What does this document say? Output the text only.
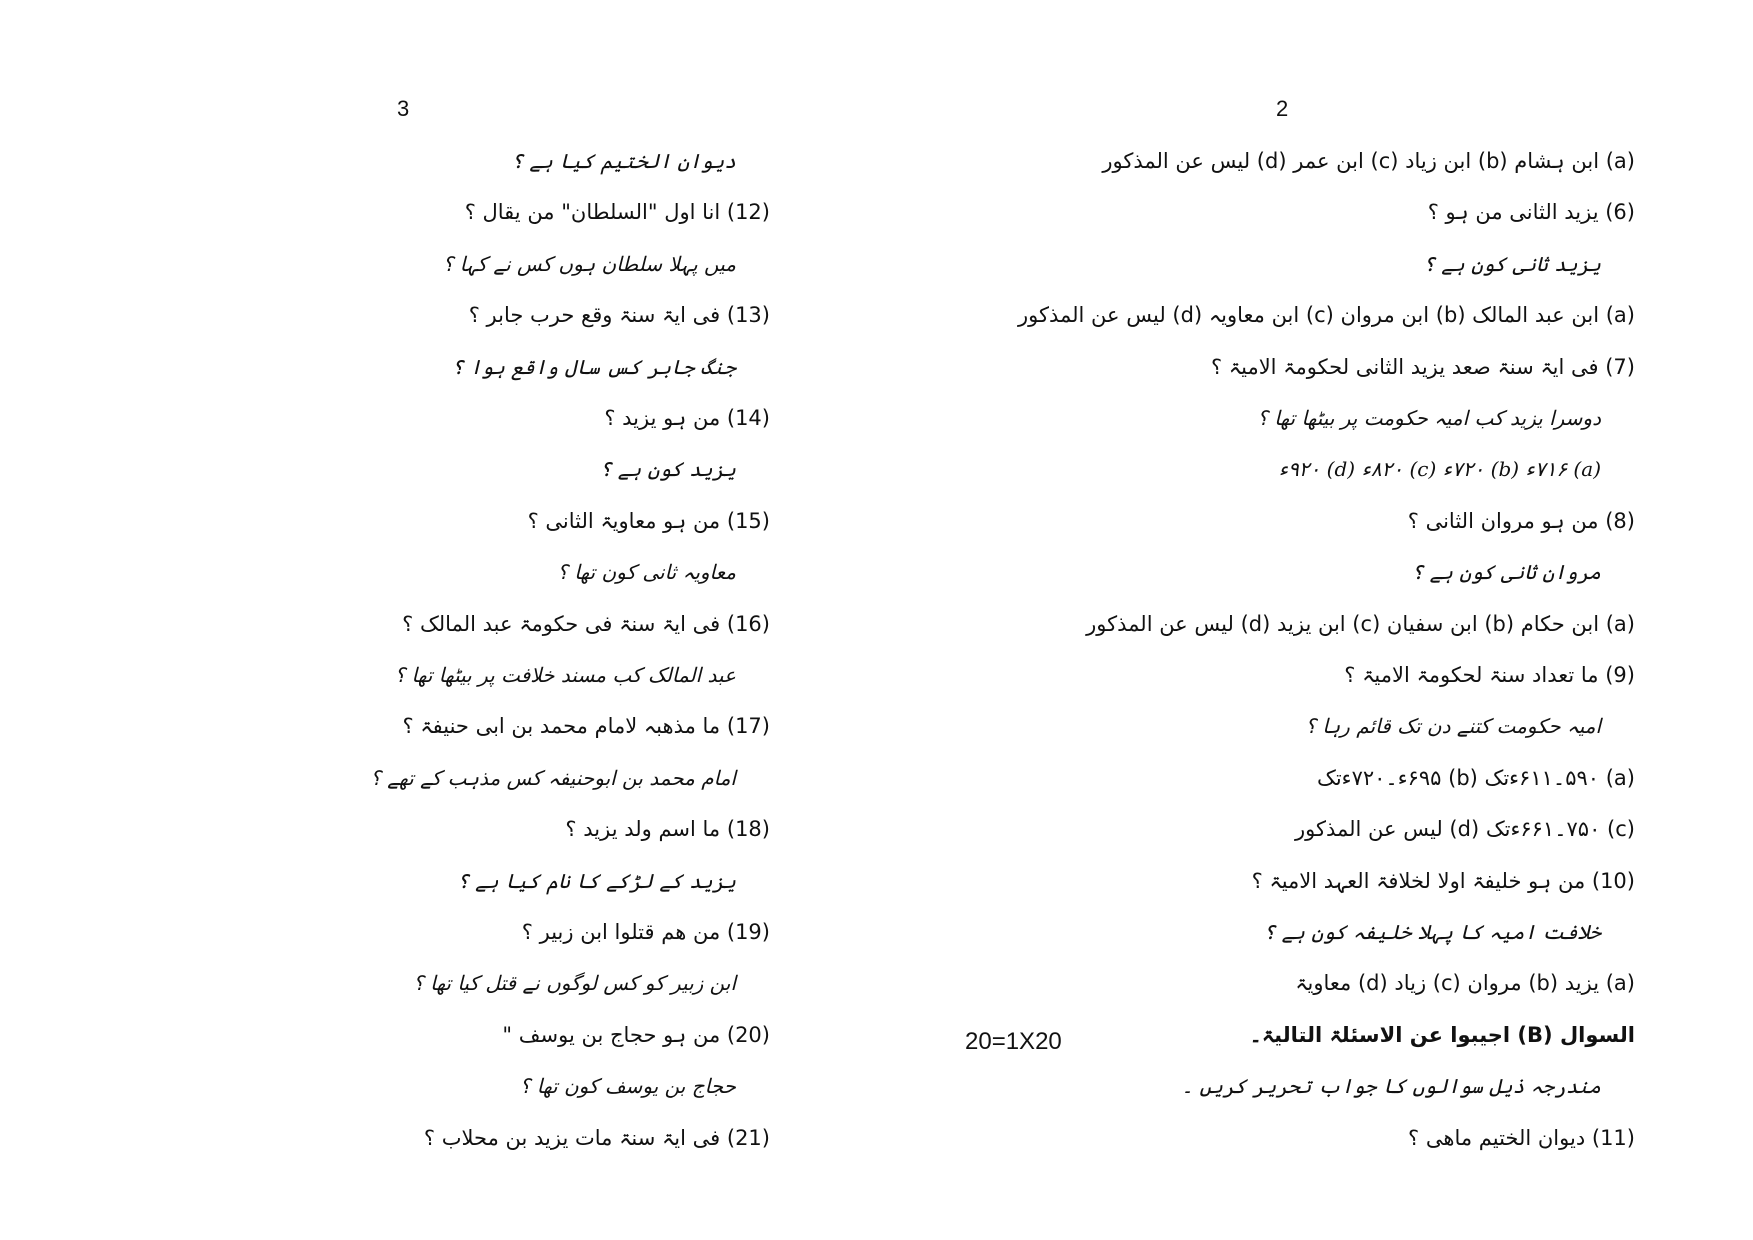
3	2
دیوان الختیم کیا ہے ؟
(12) انا اول "السلطان" من یقال ؟
میں پہلا سلطان ہوں کس نے کہا ؟
(13) فی ایۃ سنۃ وقع حرب جابر ؟
جنگ جابر کس سال واقع ہوا ؟
(14) من ہو یزید ؟
یزید کون ہے ؟
(15) من ہو معاویۃ الثانی ؟
معاویہ ثانی کون تھا ؟
(16) فی ایۃ سنۃ فی حکومۃ عبد المالک ؟
عبد المالک کب مسند خلافت پر بیٹھا تھا ؟
(17) ما مذھبہ لامام محمد بن ابی حنیفۃ ؟
امام محمد بن ابوحنیفہ کس مذہب کے تھے ؟
(18) ما اسم ولد یزید ؟
یزید کے لڑکے کا نام کیا ہے ؟
(19) من ھم قتلوا ابن زبیر ؟
ابن زبیر کو کس لوگوں نے قتل کیا تھا ؟
(20) من ہو حجاج بن یوسف "
حجاج بن یوسف کون تھا ؟
(21) فی ایۃ سنۃ مات یزید بن محلاب ؟
(a) ابن ہشام (b) ابن زیاد (c) ابن عمر (d) لیس عن المذکور
(6) یزید الثانی من ہو ؟
یزید ثانی کون ہے ؟
(a) ابن عبد المالک (b) ابن مروان (c) ابن معاویہ (d) لیس عن المذکور
(7) فی ایۃ سنۃ صعد یزید الثانی لحکومۃ الامیۃ ؟
دوسرا یزید کب امیہ حکومت پر بیٹھا تھا ؟
(a) ۷۱۶ء (b) ۷۲۰ء (c) ۸۲۰ء (d) ۹۲۰ء
(8) من ہو مروان الثانی ؟
مروان ثانی کون ہے ؟
(a) ابن حکام (b) ابن سفیان (c) ابن یزید (d) لیس عن المذکور
(9) ما تعداد سنۃ لحکومۃ الامیۃ ؟
امیہ حکومت کتنے دن تک قائم رہا ؟
(a) ۵۹۰۔۶۱۱ءتک (b) ۶۹۵ء۔۷۲۰ءتک
(c) ۷۵۰۔۶۶۱ءتک (d) لیس عن المذکور
(10) من ہو خلیفۃ اولا لخلافۃ العہد الامیۃ ؟
خلافت امیہ کا پہلا خلیفہ کون ہے ؟
(a) یزید (b) مروان (c) زیاد (d) معاویۃ
السوال (B) اجیبوا عن الاسئلۃ التالیۃ۔
مندرجہ ذیل سوالوں کا جواب تحریر کریں ۔
(11) دیوان الختیم ماھی ؟
20=1X20
